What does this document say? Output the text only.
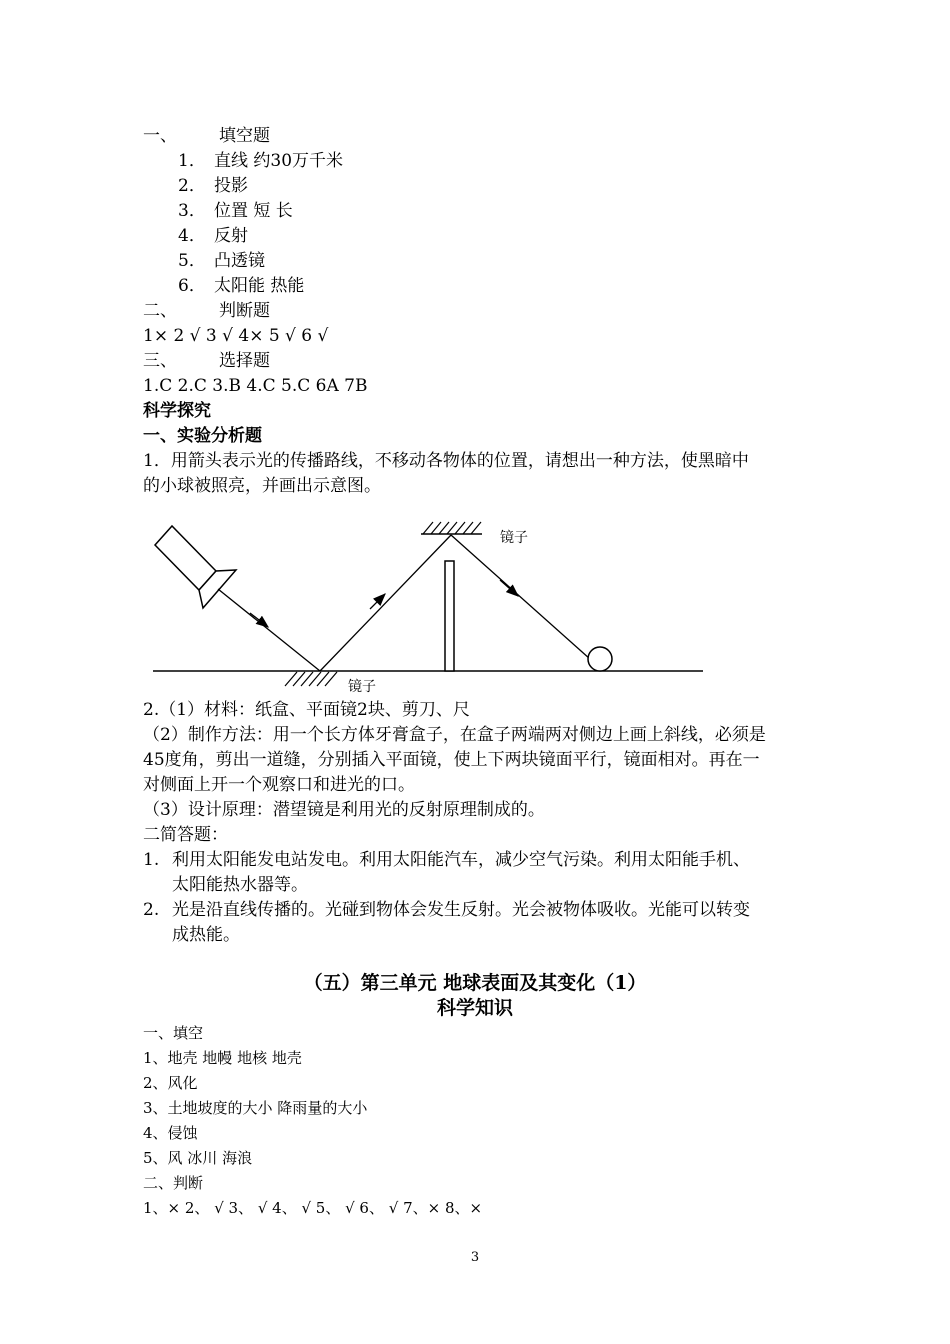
一、 填空题
1． 直线 约30万千米
2． 投影
3． 位置 短 长
4． 反射
5． 凸透镜
6． 太阳能 热能
二、 判断题
1× 2 √ 3 √ 4× 5 √ 6 √
三、 选择题
1.C 2.C 3.B 4.C 5.C 6A 7B
科学探究
一、实验分析题
1．用箭头表示光的传播路线，不移动各物体的位置，请想出一种方法，使黑暗中
的小球被照亮，并画出示意图。
镜子
镜子
2.（1）材料：纸盒、平面镜2块、剪刀、尺
（2）制作方法：用一个长方体牙膏盒子，在盒子两端两对侧边上画上斜线，必须是
45度角，剪出一道缝，分别插入平面镜，使上下两块镜面平行，镜面相对。再在一
对侧面上开一个观察口和进光的口。
（3）设计原理：潜望镜是利用光的反射原理制成的。
二简答题：
1. 利用太阳能发电站发电。利用太阳能汽车，减少空气污染。利用太阳能手机、
太阳能热水器等。
2. 光是沿直线传播的。光碰到物体会发生反射。光会被物体吸收。光能可以转变
成热能。
（五）第三单元 地球表面及其变化（1）
科学知识
一、填空
1、地壳 地幔 地核 地壳
2、风化
3、土地坡度的大小 降雨量的大小
4、侵蚀
5、风 冰川 海浪
二、判断
1、× 2、 √ 3、 √ 4、 √ 5、 √ 6、 √ 7、× 8、×
3
